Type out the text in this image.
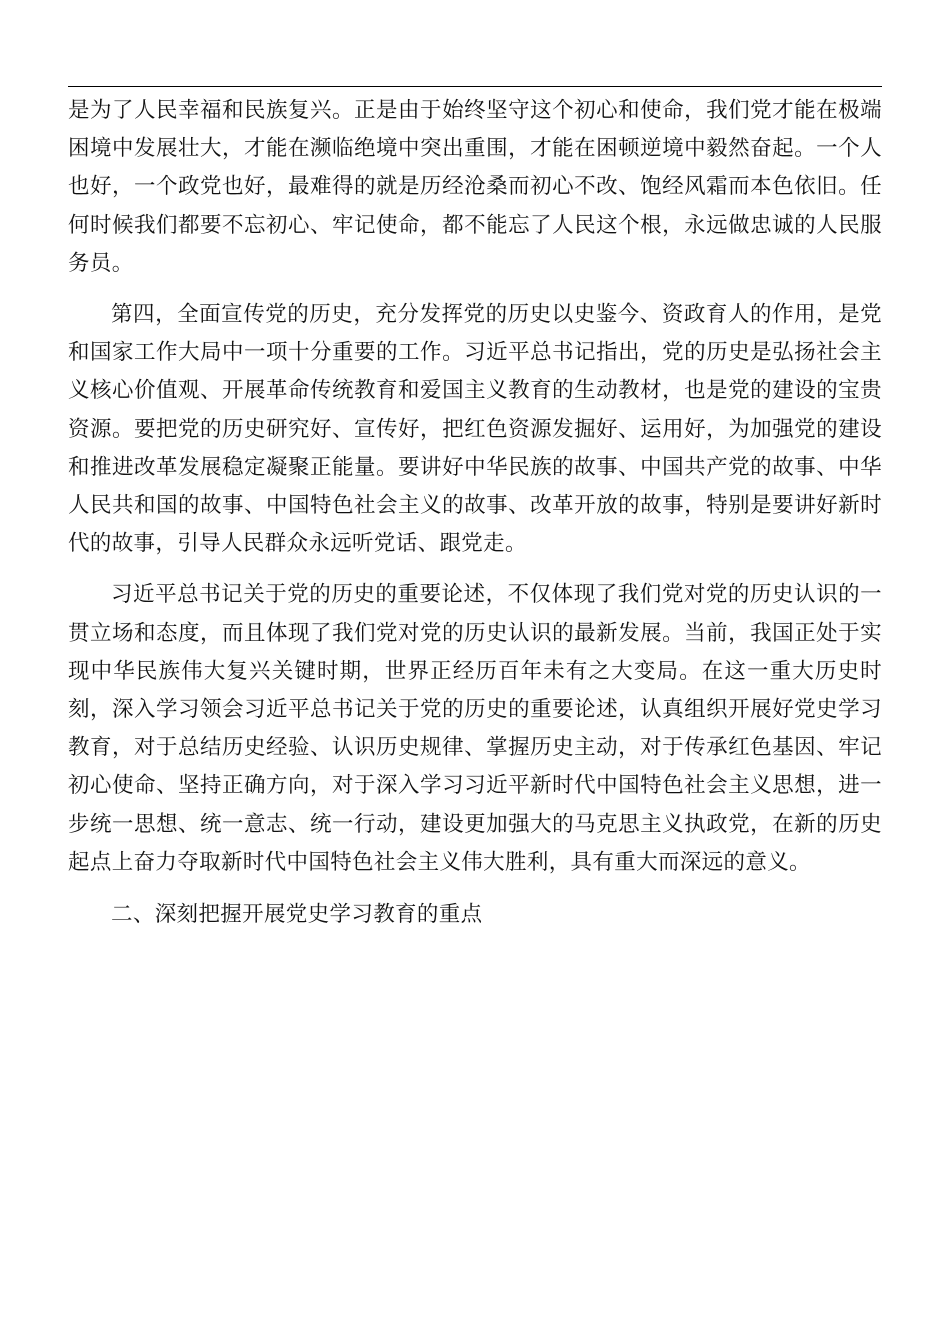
是为了人民幸福和民族复兴。正是由于始终坚守这个初心和使命，我们党才能在极端困境中发展壮大，才能在濒临绝境中突出重围，才能在困顿逆境中毅然奋起。一个人也好，一个政党也好，最难得的就是历经沧桑而初心不改、饱经风霜而本色依旧。任何时候我们都要不忘初心、牢记使命，都不能忘了人民这个根，永远做忠诚的人民服务员。

第四，全面宣传党的历史，充分发挥党的历史以史鉴今、资政育人的作用，是党和国家工作大局中一项十分重要的工作。习近平总书记指出，党的历史是弘扬社会主义核心价值观、开展革命传统教育和爱国主义教育的生动教材，也是党的建设的宝贵资源。要把党的历史研究好、宣传好，把红色资源发掘好、运用好，为加强党的建设和推进改革发展稳定凝聚正能量。要讲好中华民族的故事、中国共产党的故事、中华人民共和国的故事、中国特色社会主义的故事、改革开放的故事，特别是要讲好新时代的故事，引导人民群众永远听党话、跟党走。

习近平总书记关于党的历史的重要论述，不仅体现了我们党对党的历史认识的一贯立场和态度，而且体现了我们党对党的历史认识的最新发展。当前，我国正处于实现中华民族伟大复兴关键时期，世界正经历百年未有之大变局。在这一重大历史时刻，深入学习领会习近平总书记关于党的历史的重要论述，认真组织开展好党史学习教育，对于总结历史经验、认识历史规律、掌握历史主动，对于传承红色基因、牢记初心使命、坚持正确方向，对于深入学习习近平新时代中国特色社会主义思想，进一步统一思想、统一意志、统一行动，建设更加强大的马克思主义执政党，在新的历史起点上奋力夺取新时代中国特色社会主义伟大胜利，具有重大而深远的意义。

二、深刻把握开展党史学习教育的重点
